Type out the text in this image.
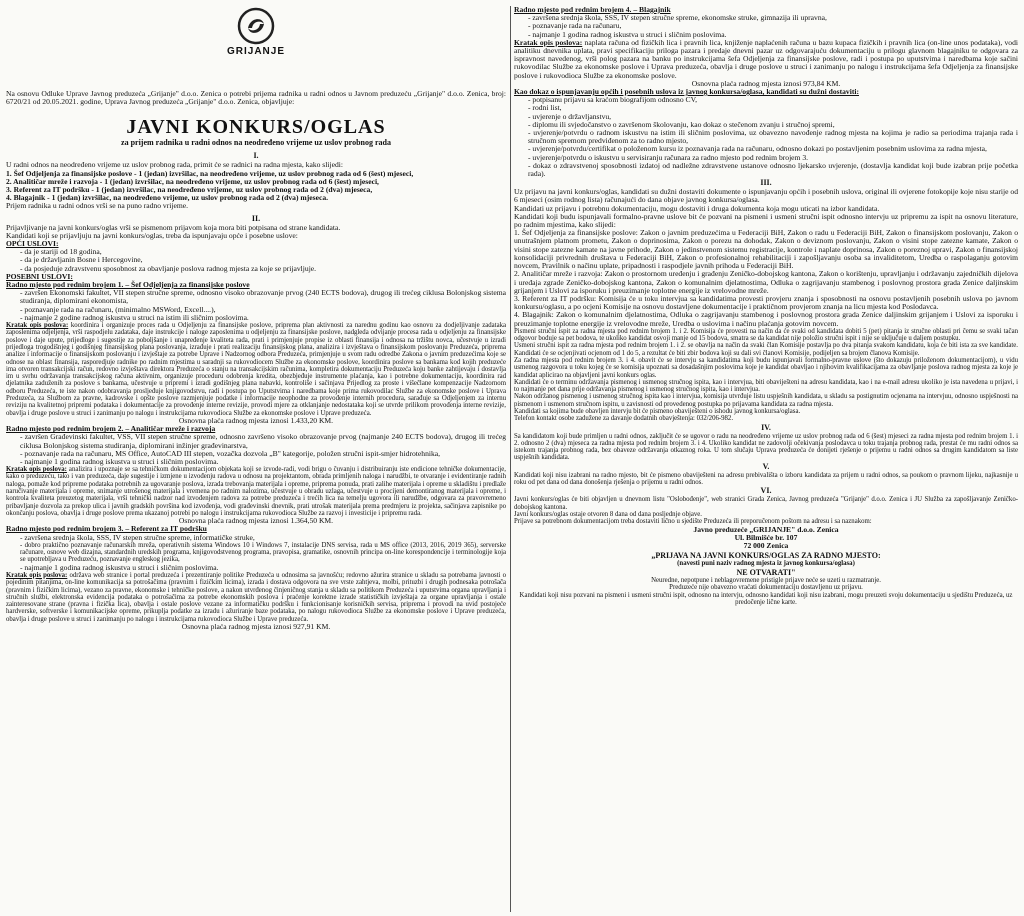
GRIJANJE

Na osnovu Odluke Uprave Javnog preduzeća „Grijanje" d.o.o. Zenica o potrebi prijema radnika u radni odnos u Javnom preduzeću „Grijanje" d.o.o. Zenica, broj: 6720/21 od 20.05.2021. godine, Uprava Javnog preduzeća „Grijanje" d.o.o. Zenica, objavljuje:

JAVNI KONKURS/OGLAS
za prijem radnika u radni odnos na neodređeno vrijeme uz uslov probnog rada
I.

U radni odnos na neodređeno vrijeme uz uslov probnog rada, primit će se radnici na radna mjesta, kako slijedi:

1. Šef Odjeljenja za finansijske poslove - 1 (jedan) izvršilac, na neodređeno vrijeme, uz uslov probnog rada od 6 (šest) mjeseci,

2. Analitičar mreže i razvoja - 1 (jedan) izvršilac, na neodređeno vrijeme, uz uslov probnog rada od 6 (šest) mjeseci,

3. Referent za IT podršku - 1 (jedan) izvršilac, na neodređeno vrijeme, uz uslov probnog rada od 2 (dva) mjeseca,

4. Blagajnik - 1 (jedan) izvršilac, na neodređeno vrijeme, uz uslov probnog rada od 2 (dva) mjeseca.

Prijem radnika u radni odnos vrši se na puno radno vrijeme.

II.

Prijavljivanje na javni konkurs/oglas vrši se pismenom prijavom koja mora biti potpisana od strane kandidata.

Kandidati koji se prijavljuju na javni konkurs/oglas, treba da ispunjavaju opće i posebne uslove:

OPĆI USLOVI:

- da je stariji od 18 godina,

- da je državljanin Bosne i Hercegovine,

- da posjeduje zdravstvenu sposobnost za obavljanje poslova radnog mjesta za koje se prijavljuje.

POSEBNI USLOVI:

Radno mjesto pod rednim brojem 1. – Šef Odjeljenja za finansijske poslove

- završen Ekonomski fakultet, VII stepen stručne spreme, odnosno visoko obrazovanje prvog (240 ECTS bodova), drugog ili trećeg ciklusa Bolonjskog sistema studiranja, diplomirani ekonomista,

- poznavanje rada na računaru, (minimalno MSWord, Excell....),

- najmanje 2 godine radnog iskustva u struci na istim ili sličnim poslovima.

Kratak opis poslova: koordinira i organizuje proces rada u Odjeljenju za finansijske poslove, priprema plan aktivnosti za narednu godinu kao osnovu za dodjeljivanje zadataka zaposlenima odjeljenja, vrši raspodjelu zadataka, daje instrukcije i naloge zaposlenima u odjeljenju za finansijske poslove, nadgleda odvijanje procesa rada u odjeljenju za finansijske poslove i daje upute, prijedloge i sugestije za poboljšanje i unapređenje kvaliteta rada, prati i primjenjuje propise iz oblasti finansija i odnosa na tržištu novca, učestvuje u izradi prijedloga trogodišnjeg i godišnjeg finansijskog plana poslovanja, izrađuje i prati realizaciju finansijskog plana, analizira i izvještava o finansijskom poslovanju Preduzeća, priprema analize i informacije o finansijskom poslovanju i izvještaje za potrebe Uprave i Nadzornog odbora Preduzeća, primjenjuje u svom radu odredbe Zakona o javnim preduzećima koje se odnose na oblast finansija, rasporedjuje radnike po radnim mjestima u saradnji sa rukovodiocem Službe za ekonomske poslove, koordinira poslove sa bankama kod kojih preduzeće ima otvoren transakcijski račun, redovno izvještava direktora Preduzeća o stanju na transakcijskim računima, kompletira dokumentaciju Preduzeća koju banke zahtijevaju i dostavlja im u svrhu održavanja transakcijskog računa aktivnim, organizuje proceduru odobrenja kredita, obezbjeđuje instrumente plaćanja, kao i potrebne dokumentaciju, koordinira rad djelatnika zaduženih za poslove s bankama, učestvuje u pripremi i izradi godišnjeg plana nabavki, kontroliše i sačinjava Prijedlog za proste i višečlane kompenzacije Nadzornom odboru Preduzeća, te iste nakon odobravanja prosljeđuje knjigovodstvu, radi i postupa po Uputstvima i naredbama koje prima rukovodilac Službe za ekonomske poslove i Uprava Preduzeća, za Službom za pravne, kadrovske i opšte poslove razmjenjuje podatke i informacije neophodne za provođenje internih procedura, sarađuje sa Odjeljenjem za internu reviziju na kvalitetnoj pripremi podataka i dokumentacije za provođenje interne revizije, provodi mjere za otklanjanje nedostataka koji se utvrde prilikom provođenja interne revizije, obavlja i druge poslove u struci i zanimanju po nalogu i instrukcijama rukovodioca Službe za ekonomske poslove i Uprave preduzeća.

Osnovna plaća radnog mjesta iznosi 1.433,20 KM.

Radno mjesto pod rednim brojem 2. – Analitičar mreže i razvoja

- završen Građevinski fakultet, VSS, VII stepen stručne spreme, odnosno završeno visoko obrazovanje prvog (najmanje 240 ECTS bodova), drugog ili trećeg ciklusa Bolonjskog sistema studiranja, diplomirani inžinjer građevinarstva,

- poznavanje rada na računaru, MS Office, AutoCAD III stepen, vozačka dozvola „B" kategorije, položen stručni ispit-smjer hidrotehnika,

- najmanje 1 godina radnog iskustva u struci i sličnim poslovima.

Kratak opis poslova: analizira i upoznaje se sa tehničkom dokumentacijom objekata koji se izvode-radi, vodi brigu o čuvanju i distribuiranju iste endicione tehničke dokumentacije, kako o preduzeću, tako i van preduzeća, daje sugestije i izmjene u izvođenju radova u odnosu na projektantom, obrada primljenih naloga i narudžbi, te otvaranje i evidentiranje radnih naloga, pomaže kod pripreme podataka potrebnih za ugovaranje poslova, izrada trebovanja materijala i opreme, priprema ponuda, prati zalihe materijala i opreme u skladištu i predlaže naručivanje materijala i opreme, snimanje utrošenog materijala i vremena po radnim nalozima, učestvuje u obradu uzlaga, učestvuje u procijeni demontiranog materijala i opreme, i kontrola kvaliteta preuzetog materijala, vrši tehnički nadzor nad izvođenjem radova za potrebe preduzeća i trećih lica na temelju ugovora ili narudžbe, odgovara za pravovremeno pribavljanje dozvola za prekop ulica i javnih gradskih površina kod izvođenja, vodi građevinski dnevnik, prati utrošak materijala prema predmjeru iz projekta, sačinjava zapisnike po okončanju poslova, obavlja i druge poslove prema ukazanoj potrebi po nalogu i instrukcijama rukovodioca Službe za razvoj i investicije i pripremu rada.

Osnovna plaća radnog mjesta iznosi 1.364,50 KM.

Radno mjesto pod rednim brojem 3. – Referent za IT podršku

- završena srednja škola, SSS, IV stepen stručne spreme, informatičke struke,

- dobro praktično poznavanje računarskih mreža, operativnih sistema Windows 10 i Windows 7, instalacije DNS servisa, rada u MS office (2013, 2016, 2019 365), serverske računare, osnove web dizajna, standardnih uredskih programa, knjigovodstvenog programa, pravopisa, gramatike, osnovnih principa on-line korespondencije i terminologije koja se upotrebljava u Preduzeću, poznavanje engleskog jezika,

- najmanje 1 godina radnog iskustva u struci i sličnim poslovima.

Kratak opis poslova: održava web stranice i portal preduzeća i prezentiranje politike Preduzeća u odnosima sa javnošću; redovno ažurira stranice u skladu sa potrebama javnosti o pojedinim pitanjima, on-line komunikacija sa potrošačima (pravnim i fizičkim licima), izrada i dostava odgovora na sve vrste zahtjeva, molbi, prituzbi i drugih podnesaka potrošača (pravnim i fizičkim licima), vezano za pravne, ekonomske i tehničke poslove, a nakon utvrđenog činjeničnog stanja u skladu sa politikom Preduzeća i uputstvima organa upravljanja i stručnih službi, elektronska evidencija podataka o potrošačima za potrebe ekonomskih poslova i praćenje korektne izrade statističkih izvještaja za organe upravljanja i ostale zainteresovane strane (pravna i fizička lica), obavlja i ostale poslove vezane za informatičku podršku i funkcionisanje korisničkih servisa, priprema i provodi na uvid postojeće hardverske, softverske i komunikacijske opreme, prikuplja podatke za izradu i ažuriranje baze podataka, po nalogu rukovodioca Službe za ekonomske poslove i Uprave preduzeća, obavlja i druge poslove u struci i zanimanju po nalogu i instrukcijama rukovodioca Službe i Uprave preduzeća.

Osnovna plaća radnog mjesta iznosi 927,91 KM.

Radno mjesto pod rednim brojem 4. – Blagajnik

- završena srednja škola, SSS, IV stepen stručne spreme, ekonomske struke, gimnazija ili upravna,

- poznavanje rada na računaru,

- najmanje 1 godina radnog iskustva u struci i sličnim poslovima.

Kratak opis poslova: naplata računa od fizičkih lica i pravnih lica, knjiženje naplaćenih računa u bazu kupaca fizičkih i pravnih lica (on-line unos podataka), vodi analitiku dnevnika uplata, pravi specifikaciju priloga pazara i predaje dnevni pazar uz odgovarajuću dokumentaciju u prilogu glavnom blagajniku te odgovara za ispravnost navedenog, vrši polog pazara na banku po instrukcijama šefa Odjeljenja za finansijske poslove, radi i postupa po uputstvima i naredbama koje sačini rukovodilac Službe za ekonomske poslove i Uprava preduzeća, obavlja i druge poslove u struci i zanimanju po nalogu i instrukcijama šefa Odjeljenja za finansijske poslove i rukovodioca Službe za ekonomske poslove.

Osnovna plaća radnog mjesta iznosi 973,84 KM.

Kao dokaz o ispunjavanju općih i posebnih uslova iz javnog konkursa/oglasa, kandidati su dužni dostaviti:

- potpisanu prijavu sa kraćom biografijom odnosno CV,

- rodni list,

- uvjerenje o državljanstvu,

- diplomu ili svjedočanstvo o završenom školovanju, kao dokaz o stečenom zvanju i stručnoj spremi,

- uvjerenje/potvrdu o radnom iskustvu na istim ili sličnim poslovima, uz obavezno navođenje radnog mjesta na kojima je radio sa periodima trajanja rada i stručnom spremom predviđenom za to radno mjesto,

- uvjerenje/potvrdu/certifikat o položenom kursu iz poznavanja rada na računaru, odnosno dokazi po postavljenim posebnim uslovima za radna mjesta,

- uvjerenje/potvrdu o iskustvu u servisiranju računara za radno mjesto pod rednim brojem 3.

- dokaz o zdravstvenoj sposobnosti izdatoj od nadležne zdravstvene ustanove odnosno ljekarsko uvjerenje, (dostavlja kandidat koji bude izabran prije početka rada).

III.

Uz prijavu na javni konkurs/oglas, kandidati su dužni dostaviti dokumente o ispunjavanju općih i posebnih uslova, original ili ovjerene fotokopije koje nisu starije od 6 mjeseci (osim rodnog lista) računajući do dana objave javnog konkursa/oglasa.

Kandidati uz prijavu i potrebnu dokumentaciju, mogu dostaviti i druga dokumenta koja mogu uticati na izbor kandidata.

Kandidati koji budu ispunjavali formalno-pravne uslove bit će pozvani na pismeni i usmeni stručni ispit odnosno intervju uz pripremu za ispit na osnovu literature, po radnim mjestima, kako slijedi:

1. Šef Odjeljenja za finansijske poslove: Zakon o javnim preduzećima u Federaciji BiH, Zakon o radu u Federaciji BiH, Zakon o finansijskom poslovanju, Zakon o unutrašnjem platnom prometu, Zakon o doprinosima, Zakon o porezu na dohodak, Zakon o deviznom poslovanju, Zakon o visini stope zatezne kamate, Zakon o visini stope zatezne kamate na javne prihode, Zakon o jedinstvenom sistemu registracije, kontrole i naplate doprinosa, Zakon o poreznoj upravi, Zakon o finansijskoj konsolidaciji privrednih društava u Federaciji BiH, Zakon o profesionalnoj rehabilitaciji i zapošljavanju osoba sa invaliditetom, Uredba o raspolaganju gotovim novcem, Pravilnik o načinu uplate, pripadnosti i raspodjele javnih prihoda u Federaciji BiH.

2. Analitičar mreže i razvoja: Zakon o prostornom uređenju i građenju Zeničko-dobojskog kantona, Zakon o korištenju, upravljanju i održavanju zajedničkih dijelova i uređaja zgrade Zeničko-dobojskog kantona, Zakon o komunalnim djelatnostima, Odluka o zagrijavanju stambenog i poslovnog prostora grada Zenice daljinskim grijanjem i Uslovi za isporuku i preuzimanje toplotne energije iz vrelovodne mreže.

3. Referent za IT podršku: Komisija će u toku intervjua sa kandidatima provesti provjeru znanja i sposobnosti na osnovu postavljenih posebnih uslova po javnom konkursu/oglasu, a po ocjeni Komisije na osnovu dostavljene dokumentacije i praktičnom provjerom znanja na licu mjesta kod Poslodavca.

4. Blagajnik: Zakon o komunalnim djelatnostima, Odluka o zagrijavanju stambenog i poslovnog prostora grada Zenice daljinskim grijanjem i Uslovi za isporuku i preuzimanje toplotne energije iz vrelovodne mreže, Uredba o uslovima i načinu plaćanja gotovim novcem.

Pismeni stručni ispit za radna mjesta pod rednim brojem 1. i 2. Komisija će provesti na način da će svaki od kandidata dobiti 5 (pet) pitanja iz stručne oblasti pri čemu se svaki tačan odgovor boduje sa pet bodova, te ukoliko kandidat osvoji manje od 15 bodova, smatra se da kandidat nije položio stručni ispit i nije se uključuje u daljem postupku.

Usmeni stručni ispit za radna mjesta pod rednim brojem 1. i 2. se obavlja na način da svaki član Komisije postavlja po dva pitanja svakom kandidatu, koja će biti ista za sve kandidate. Kandidati će se ocjenjivati ocjenom od 1 do 5, a rezultat će biti zbir bodova koji su dali svi članovi Komisije, podijeljen sa brojem članova Komisije.

Za radna mjesta pod rednim brojem 3. i 4. obavit će se intervju sa kandidatima koji budu ispunjavali formalno-pravne uslove (što dokazuju priloženom dokumentacijom), u vidu usmenog razgovora u toku kojeg će se komisija upoznati sa dosadašnjim poslovima koje je kandidat obavljao i njihovim kvalifikacijama za obavljanje poslova radnog mjesta za koje je kandidat aplicirao na objavljeni javni konkurs oglas.

Kandidati će o terminu održavanja pismenog i usmenog stručnog ispita, kao i intervjua, biti obaviješteni na adresu kandidata, kao i na e-mail adresu ukoliko je ista navedena u prijavi, i to najmanje pet dana prije održavanja pismenog i usmenog stručnog ispita, kao i intervjua.

Nakon održanog pismenog i usmenog stručnog ispita kao i intervjua, komisija utvrđuje listu uspješnih kandidata, u skladu sa postignutim ocjenama na intervjuu, odnosno uspješnosti na pismenom i usmenom stručnom ispitu, u zavisnosti od provedenog postupka po prijavama kandidata za radna mjesta.

Kandidati sa kojima bude obavljen intervju bit će pismeno obaviješteni o ishodu javnog konkursa/oglasa.

Telefon kontakt osobe zadužene za davanje dodatnih obavještenja: 032/206-982.

IV.

Sa kandidatom koji bude primljen u radni odnos, zaključit će se ugovor o radu na neodređeno vrijeme uz uslov probnog rada od 6 (šest) mjeseci za radna mjesta pod rednim brojem 1. i 2. odnosno 2 (dva) mjeseca za radna mjesta pod rednim brojem 3. i 4. Ukoliko kandidat ne zadovolji očekivanja poslodavca u toku trajanja probnog rada, prestat će mu radni odnos sa istekom trajanja probnog rada, bez obaveze održavanja otkaznog roka. U tom slučaju Uprava preduzeća će donijeti rješenje o prijemu u radni odnos sa drugim kandidatom sa liste uspješnih kandidata.

V.

Kandidati koji nisu izabrani na radno mjesto, bit će pismeno obaviješteni na adresu prebivališta o izboru kandidata za prijem u radni odnos, sa poukom o pravnom lijeku, najkasnije u roku od pet dana od dana donošenja rješenja o prijemu u radni odnos.

VI.

Javni konkurs/oglas će biti objavljen u dnevnom listu "Oslobođenje", web stranici Grada Zenica, Javnog preduzeća "Grijanje" d.o.o. Zenica i JU Služba za zapošljavanje Zeničko-dobojskog kantona.

Javni konkurs/oglas ostaje otvoren 8 dana od dana posljednje objave.

Prijave sa potrebnom dokumentacijom treba dostaviti lično u sjedište Preduzeća ili preporučenom poštom na adresu i sa naznakom:

Javno preduzeće „GRIJANJE" d.o.o. Zenica
Ul. Bilmišće br. 107
72 000 Zenica
„PRIJAVA NA JAVNI KONKURS/OGLAS ZA RADNO MJESTO:
(navesti puni naziv radnog mjesta iz javnog konkursa/oglasa)
NE OTVARATI"

Neuredne, nepotpune i neblagovremene pristigle prijave neće se uzeti u razmatranje.

Preduzeće nije obavezno vraćati dokumentaciju dostavljenu uz prijavu.

Kandidati koji nisu pozvani na pismeni i usmeni stručni ispit, odnosno na intervju, odnosno kandidati koji nisu izabrani, mogu preuzeti svoju dokumentaciju u sjedištu Preduzeća, uz predočenje lične karte.
